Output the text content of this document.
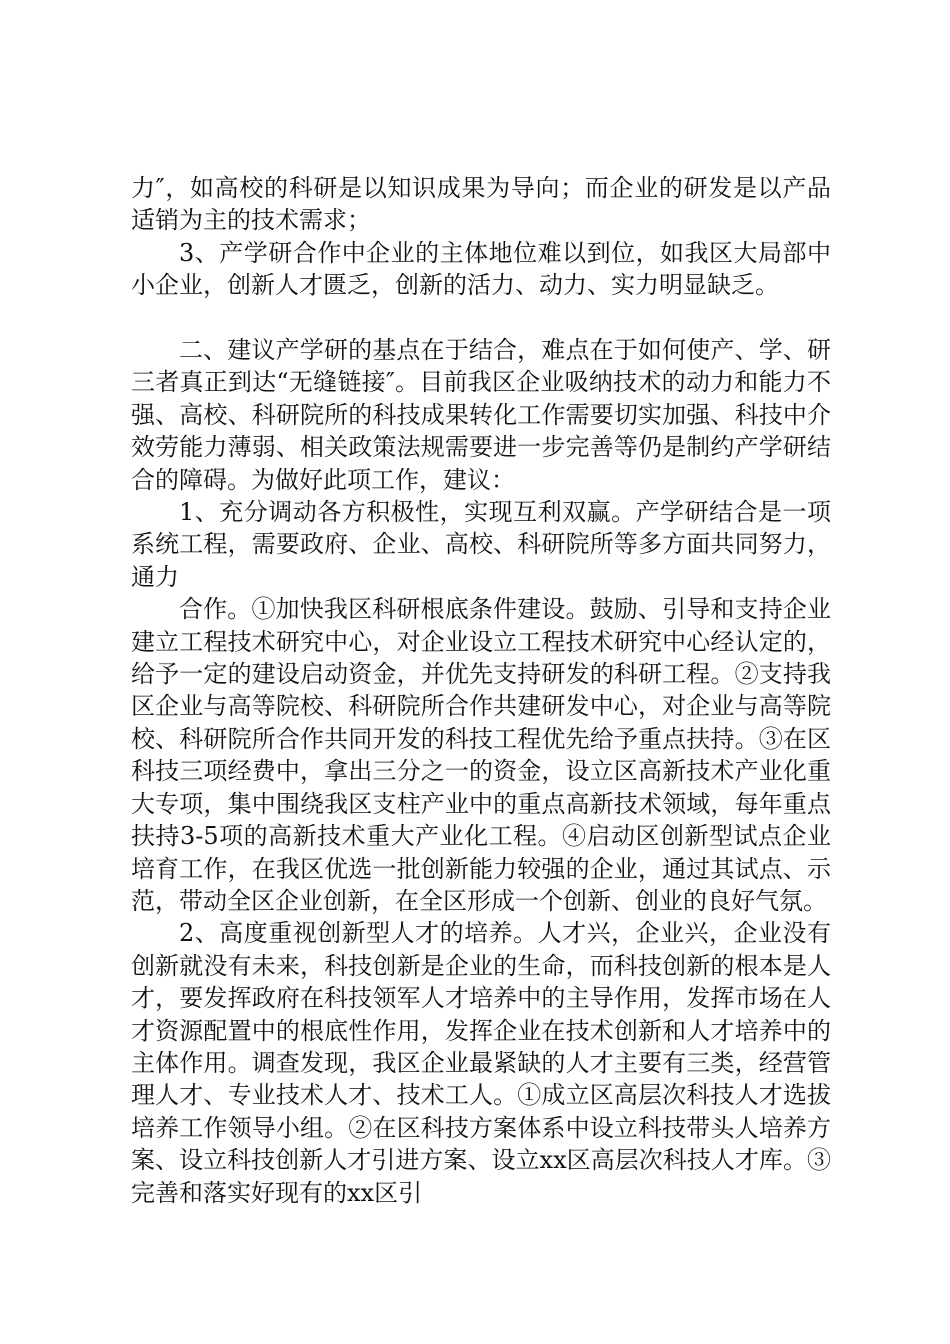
力″，如高校的科研是以知识成果为导向；而企业的研发是以产品适销为主的技术需求；

3、产学研合作中企业的主体地位难以到位，如我区大局部中小企业，创新人才匮乏，创新的活力、动力、实力明显缺乏。

二、建议产学研的基点在于结合，难点在于如何使产、学、研三者真正到达“无缝链接″。目前我区企业吸纳技术的动力和能力不强、高校、科研院所的科技成果转化工作需要切实加强、科技中介效劳能力薄弱、相关政策法规需要进一步完善等仍是制约产学研结合的障碍。为做好此项工作，建议：

1、充分调动各方积极性，实现互利双赢。产学研结合是一项系统工程，需要政府、企业、高校、科研院所等多方面共同努力，通力

合作。①加快我区科研根底条件建设。鼓励、引导和支持企业建立工程技术研究中心，对企业设立工程技术研究中心经认定的，给予一定的建设启动资金，并优先支持研发的科研工程。②支持我区企业与高等院校、科研院所合作共建研发中心，对企业与高等院校、科研院所合作共同开发的科技工程优先给予重点扶持。③在区科技三项经费中，拿出三分之一的资金，设立区高新技术产业化重大专项，集中围绕我区支柱产业中的重点高新技术领域，每年重点扶持3-5项的高新技术重大产业化工程。④启动区创新型试点企业培育工作，在我区优选一批创新能力较强的企业，通过其试点、示范，带动全区企业创新，在全区形成一个创新、创业的良好气氛。

2、高度重视创新型人才的培养。人才兴，企业兴，企业没有创新就没有未来，科技创新是企业的生命，而科技创新的根本是人才，要发挥政府在科技领军人才培养中的主导作用，发挥市场在人才资源配置中的根底性作用，发挥企业在技术创新和人才培养中的主体作用。调查发现，我区企业最紧缺的人才主要有三类，经营管理人才、专业技术人才、技术工人。①成立区高层次科技人才选拔培养工作领导小组。②在区科技方案体系中设立科技带头人培养方案、设立科技创新人才引进方案、设立xx区高层次科技人才库。③完善和落实好现有的xx区引
